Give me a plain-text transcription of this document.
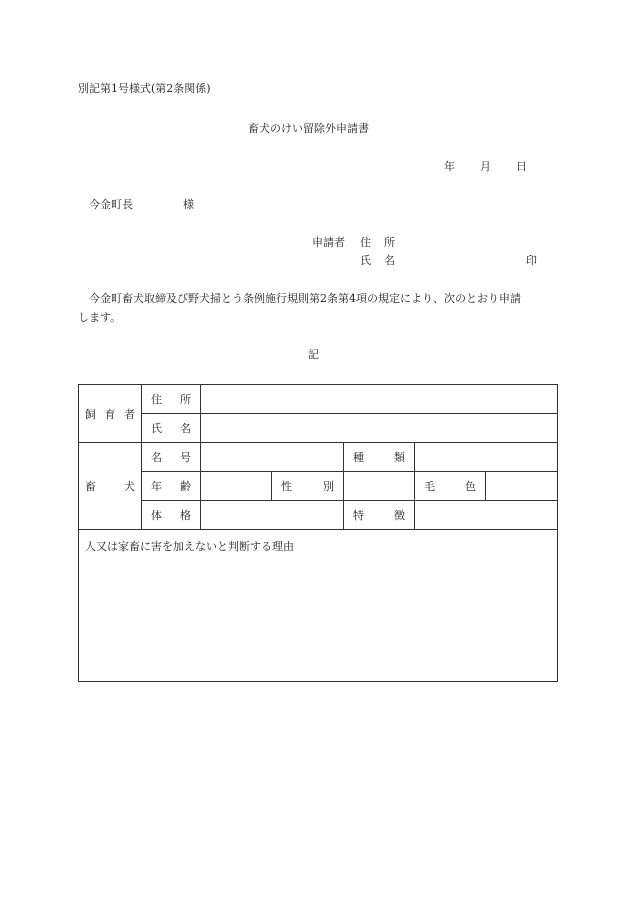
別記第1号様式(第2条関係)
畜犬のけい留除外申請書
年 月 日
今金町長	様
申請者 住 所
氏 名	印
今金町畜犬取締及び野犬掃とう条例施行規則第2条第4項の規定により、次のとおり申請
します。
記
飼 育 者	住 所					

	氏 名					

畜 犬	名 号			種 類		

	年 齢		性 別		毛 色	

	体 格			特 徴		

人又は家畜に害を加えないと判断する理由						
